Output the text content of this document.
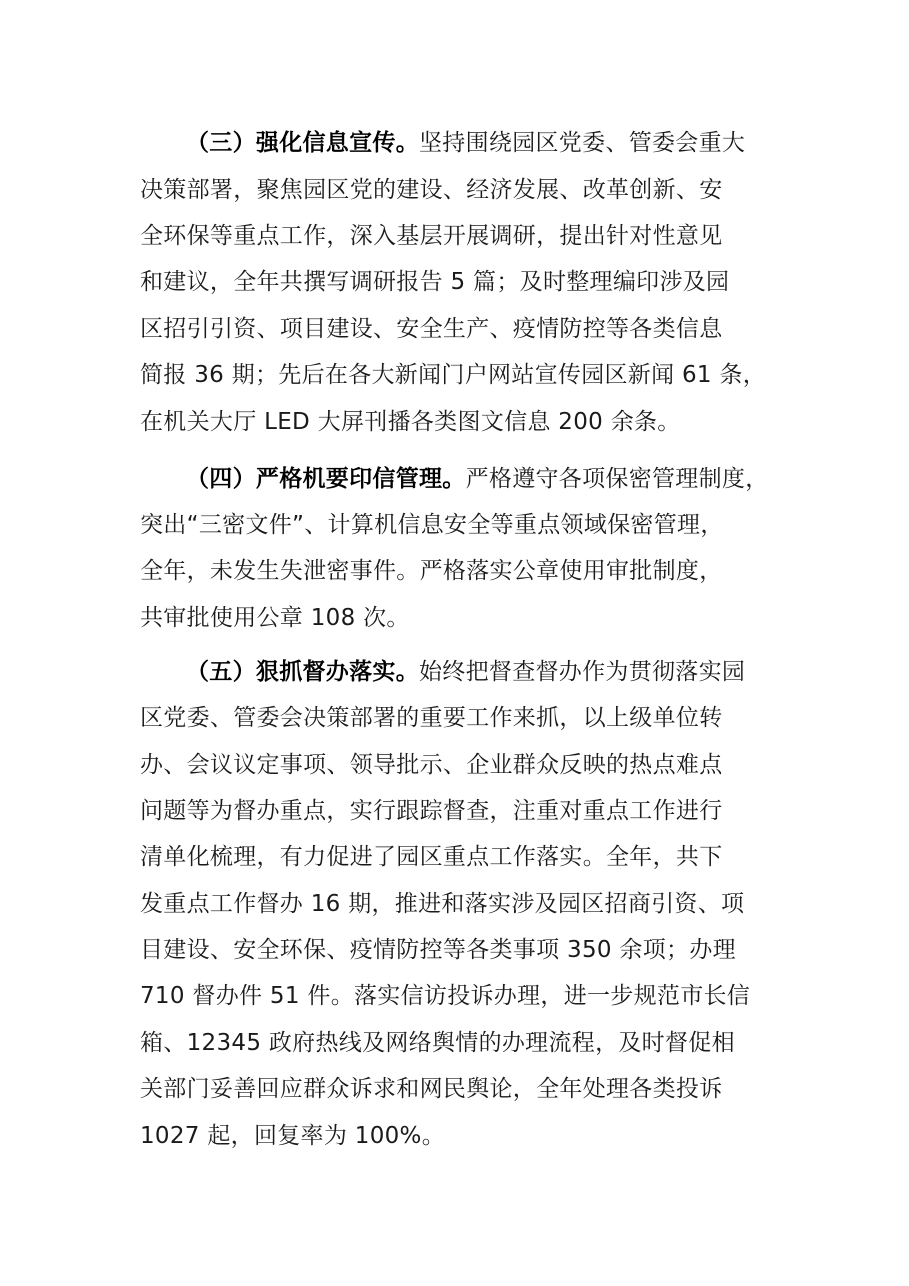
（三）强化信息宣传。坚持围绕园区党委、管委会重大
决策部署，聚焦园区党的建设、经济发展、改革创新、安
全环保等重点工作，深入基层开展调研，提出针对性意见
和建议，全年共撰写调研报告 5 篇；及时整理编印涉及园
区招引引资、项目建设、安全生产、疫情防控等各类信息
简报 36 期；先后在各大新闻门户网站宣传园区新闻 61 条，
在机关大厅 LED 大屏刊播各类图文信息 200 余条。
（四）严格机要印信管理。严格遵守各项保密管理制度，
突出“三密文件”、计算机信息安全等重点领域保密管理，
全年，未发生失泄密事件。严格落实公章使用审批制度，
共审批使用公章 108 次。
（五）狠抓督办落实。始终把督查督办作为贯彻落实园
区党委、管委会决策部署的重要工作来抓，以上级单位转
办、会议议定事项、领导批示、企业群众反映的热点难点
问题等为督办重点，实行跟踪督查，注重对重点工作进行
清单化梳理，有力促进了园区重点工作落实。全年，共下
发重点工作督办 16 期，推进和落实涉及园区招商引资、项
目建设、安全环保、疫情防控等各类事项 350 余项；办理
710 督办件 51 件。落实信访投诉办理，进一步规范市长信
箱、12345 政府热线及网络舆情的办理流程，及时督促相
关部门妥善回应群众诉求和网民舆论，全年处理各类投诉
1027 起，回复率为 100%。
